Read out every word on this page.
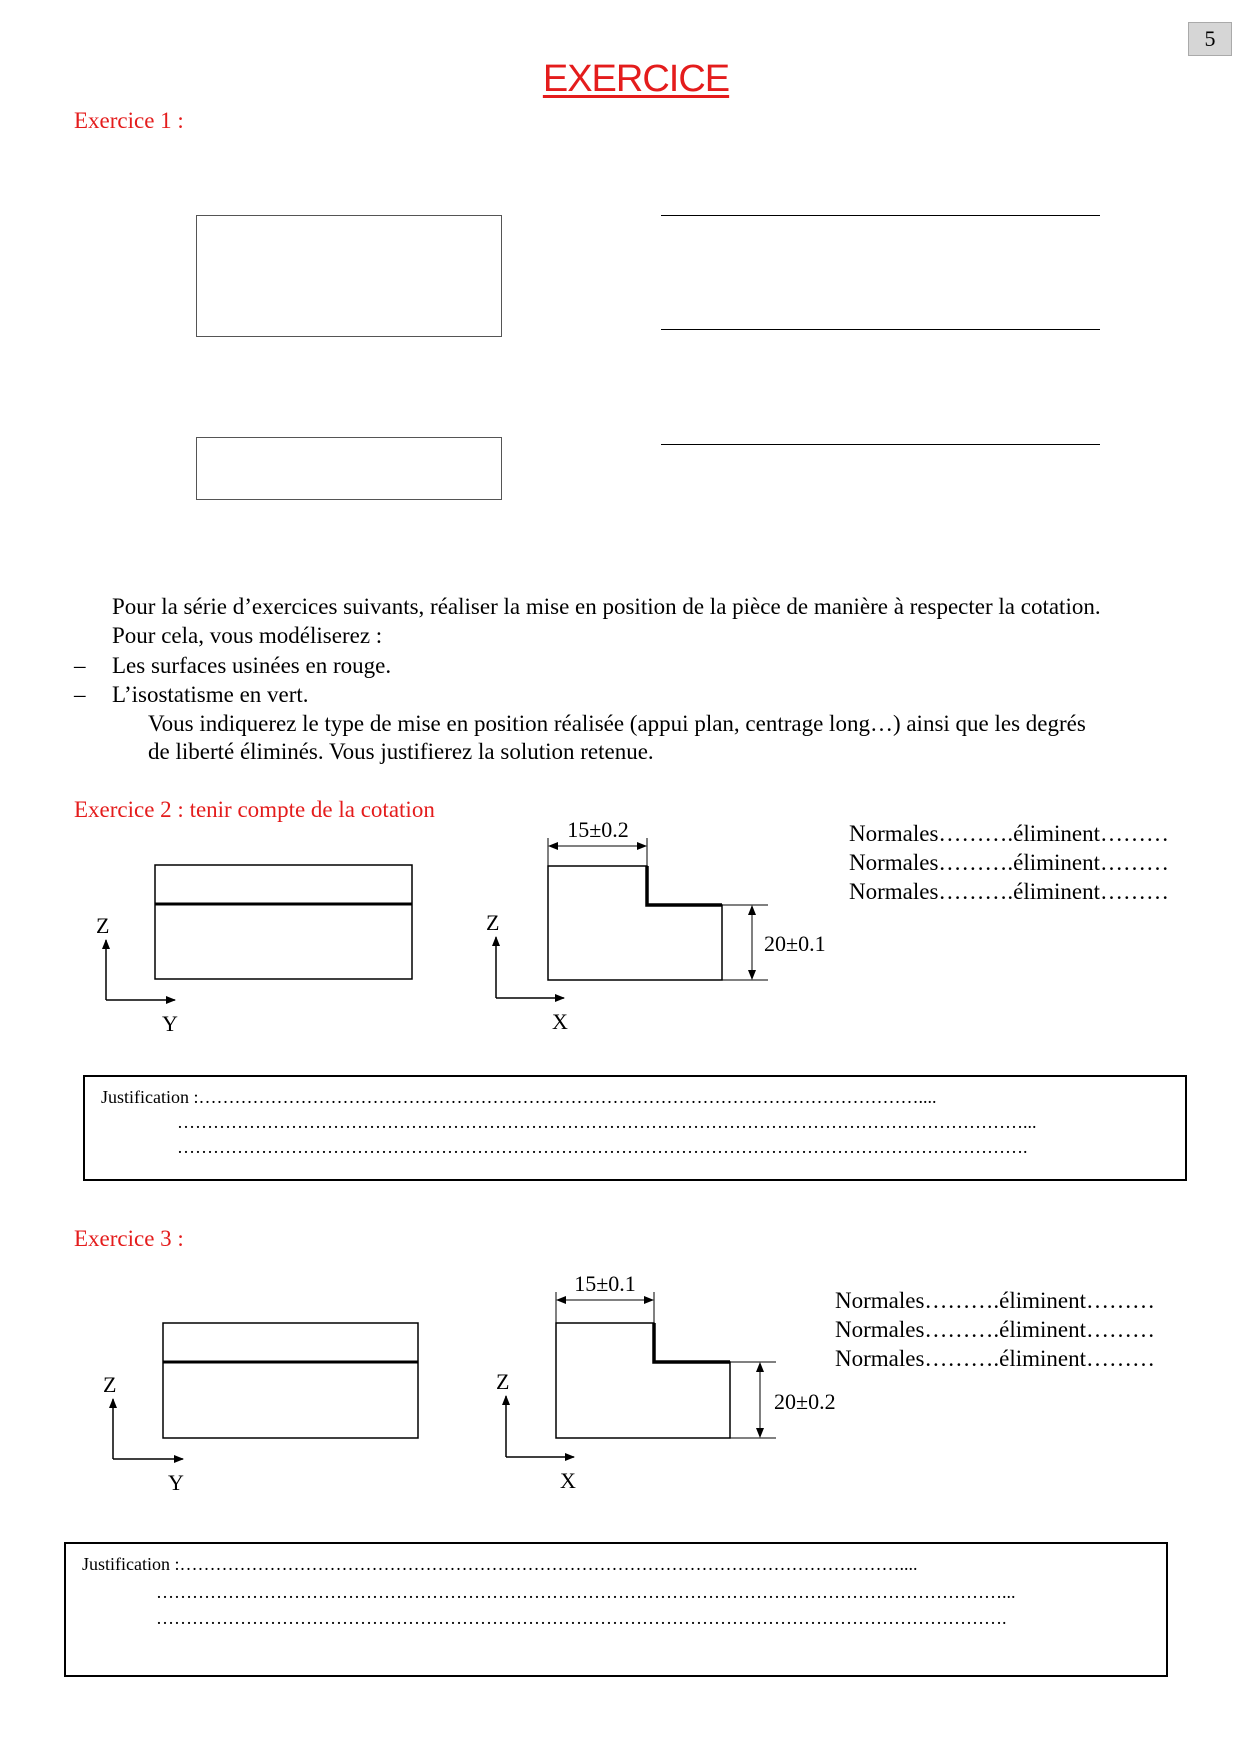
5
EXERCICE
Exercice 1 :
Pour la série d’exercices suivants, réaliser la mise en position de la pièce de manière à respecter la cotation.
Pour cela, vous modéliserez :
– Les surfaces usinées en rouge.
– L’isostatisme en vert.
Vous indiquerez le type de mise en position réalisée (appui plan, centrage long…) ainsi que les degrés
de liberté éliminés. Vous justifierez la solution retenue.
Exercice 2 : tenir compte de la cotation
Z
Y
Z
X
15±0.2
20±0.1
Normales……….éliminent………
Normales……….éliminent………
Normales……….éliminent………
Justification :…………………………………………………………………………………………………………....
……………………………………………………………………………………………………………………………...
…………………………………………………………………………………………………………………………….
Exercice 3 :
Z
Y
Z
X
15±0.1
20±0.2
Normales……….éliminent………
Normales……….éliminent………
Normales……….éliminent………
Justification :…………………………………………………………………………………………………………....
……………………………………………………………………………………………………………………………...
…………………………………………………………………………………………………………………………….
